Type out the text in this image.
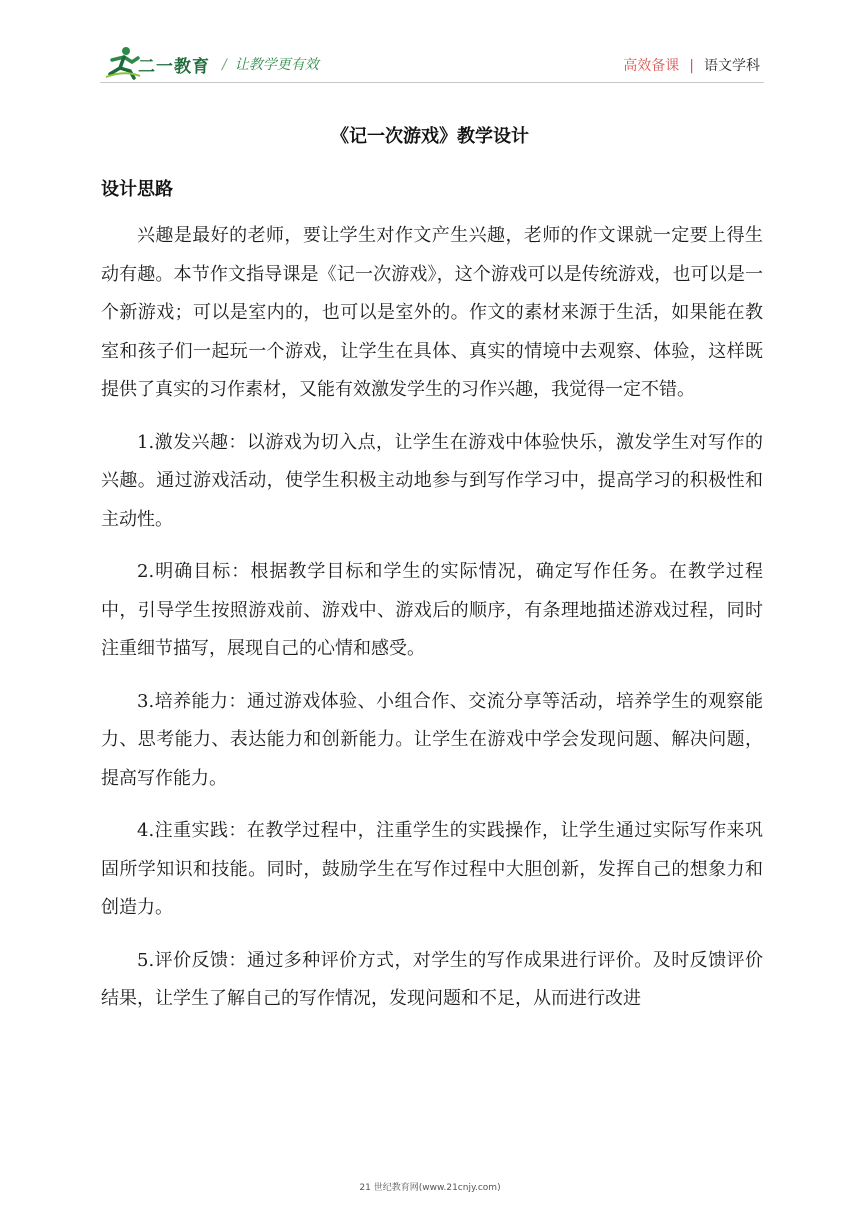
二一教育 / 让教学更有效	高效备课 | 语文学科
《记一次游戏》教学设计
设计思路

兴趣是最好的老师，要让学生对作文产生兴趣，老师的作文课就一定要上得生动有趣。本节作文指导课是《记一次游戏》，这个游戏可以是传统游戏，也可以是一个新游戏；可以是室内的，也可以是室外的。作文的素材来源于生活，如果能在教室和孩子们一起玩一个游戏，让学生在具体、真实的情境中去观察、体验，这样既提供了真实的习作素材，又能有效激发学生的习作兴趣，我觉得一定不错。

1.激发兴趣：以游戏为切入点，让学生在游戏中体验快乐，激发学生对写作的兴趣。通过游戏活动，使学生积极主动地参与到写作学习中，提高学习的积极性和主动性。

2.明确目标：根据教学目标和学生的实际情况，确定写作任务。在教学过程中，引导学生按照游戏前、游戏中、游戏后的顺序，有条理地描述游戏过程，同时注重细节描写，展现自己的心情和感受。

3.培养能力：通过游戏体验、小组合作、交流分享等活动，培养学生的观察能力、思考能力、表达能力和创新能力。让学生在游戏中学会发现问题、解决问题，提高写作能力。

4.注重实践：在教学过程中，注重学生的实践操作，让学生通过实际写作来巩固所学知识和技能。同时，鼓励学生在写作过程中大胆创新，发挥自己的想象力和创造力。

5.评价反馈：通过多种评价方式，对学生的写作成果进行评价。及时反馈评价结果，让学生了解自己的写作情况，发现问题和不足，从而进行改进

21 世纪教育网(www.21cnjy.com)
